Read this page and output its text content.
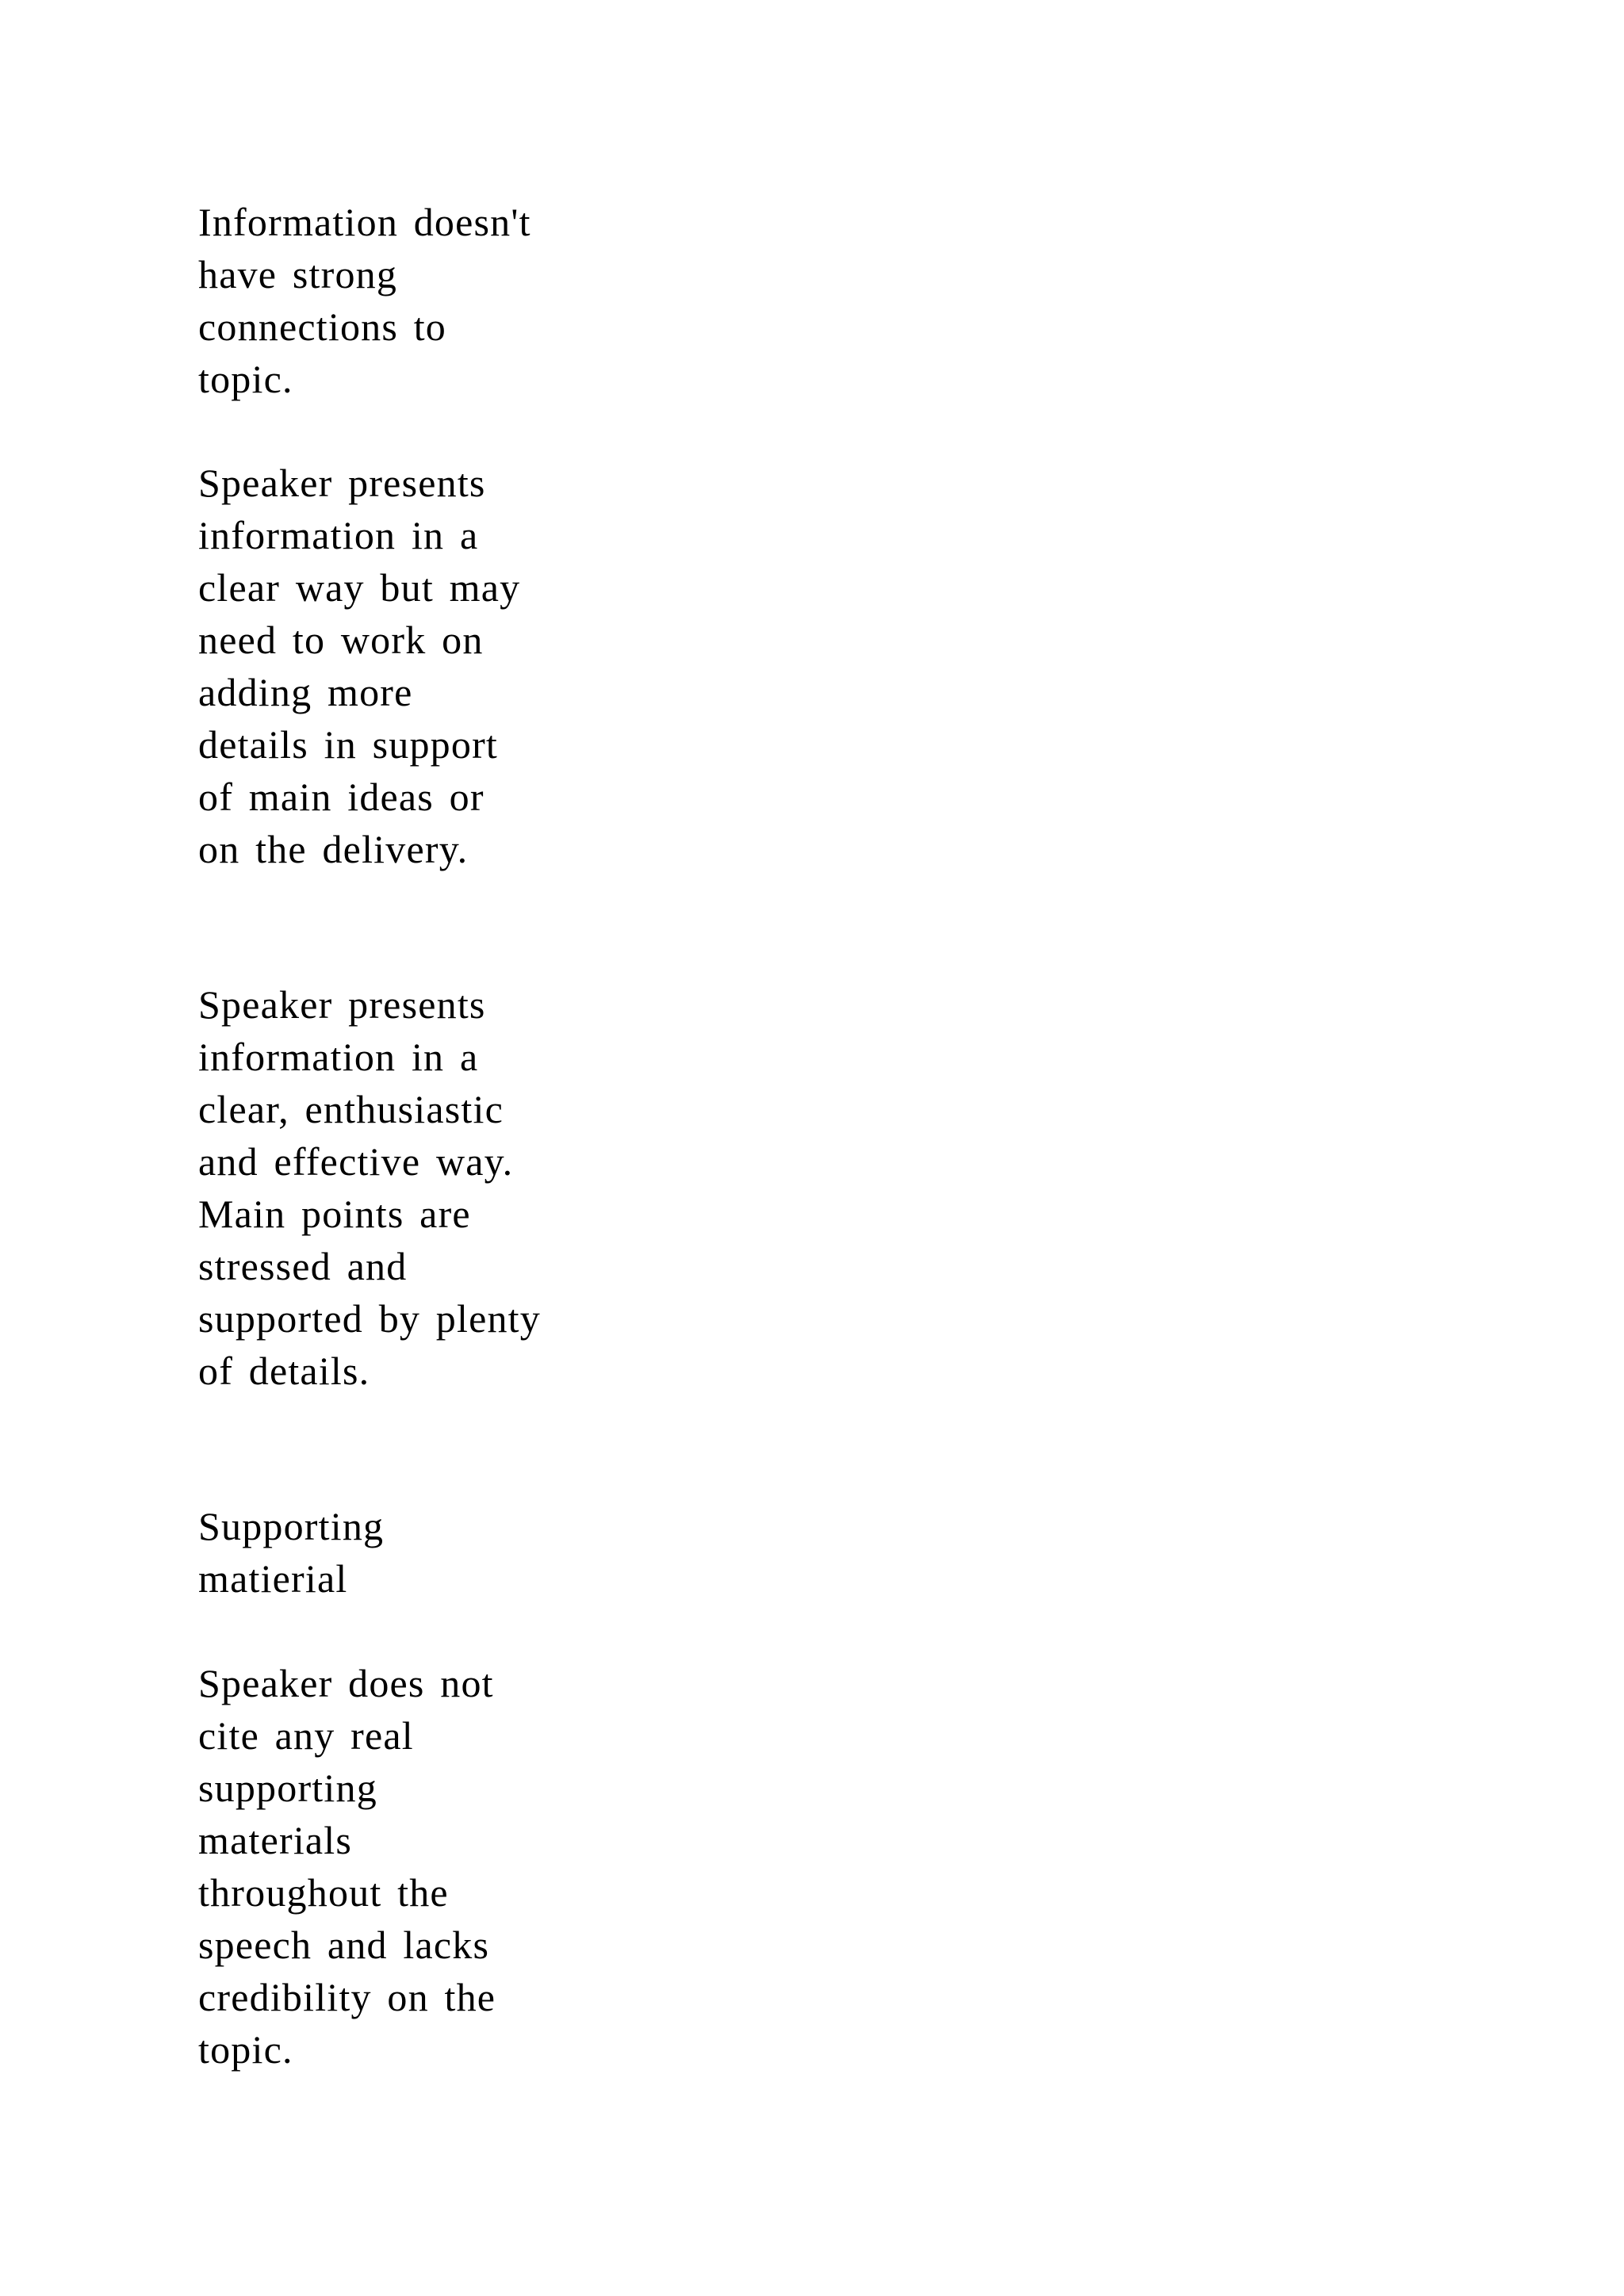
Information doesn't
have strong
connections to
topic.

Speaker presents
information in a
clear way but may
need to work on
adding more
details in support
of main ideas or
on the delivery.

Speaker presents
information in a
clear, enthusiastic
and effective way.
Main points are
stressed and
supported by plenty
of details.

Supporting
matierial

Speaker does not
cite any real
supporting
materials
throughout the
speech and lacks
credibility on the
topic.
